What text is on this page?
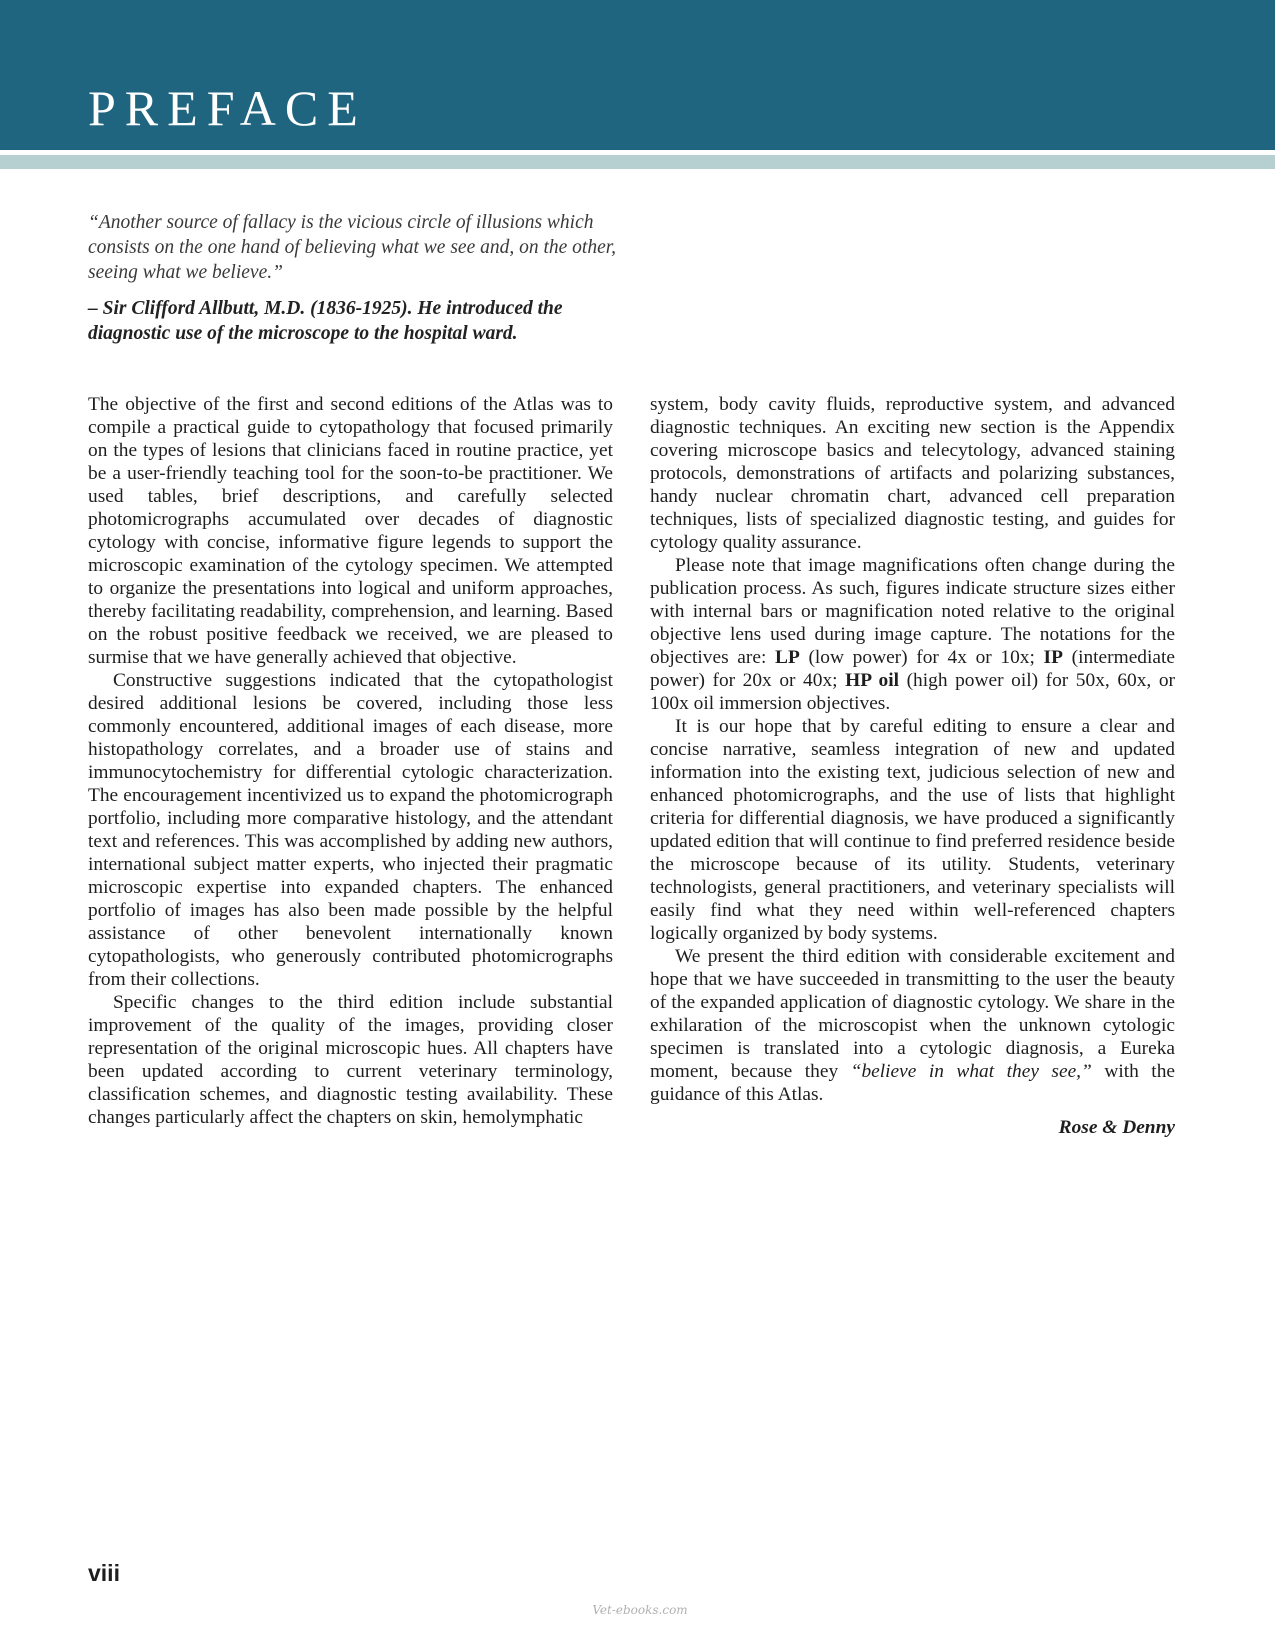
PREFACE

“Another source of fallacy is the vicious circle of illusions which consists on the one hand of believing what we see and, on the other, seeing what we believe.”

– Sir Clifford Allbutt, M.D. (1836-1925). He introduced the diagnostic use of the microscope to the hospital ward.

The objective of the first and second editions of the Atlas was to compile a practical guide to cytopathology that focused primarily on the types of lesions that clinicians faced in routine practice, yet be a user-friendly teaching tool for the soon-to-be practitioner. We used tables, brief descriptions, and carefully selected photomicrographs accumulated over decades of diagnostic cytology with concise, informative figure legends to support the microscopic examination of the cytology specimen. We attempted to organize the presentations into logical and uniform approaches, thereby facilitating readability, comprehension, and learning. Based on the robust positive feedback we received, we are pleased to surmise that we have generally achieved that objective.

Constructive suggestions indicated that the cytopathologist desired additional lesions be covered, including those less commonly encountered, additional images of each disease, more histopathology correlates, and a broader use of stains and immunocytochemistry for differential cytologic characterization. The encouragement incentivized us to expand the photomicrograph portfolio, including more comparative histology, and the attendant text and references. This was accomplished by adding new authors, international subject matter experts, who injected their pragmatic microscopic expertise into expanded chapters. The enhanced portfolio of images has also been made possible by the helpful assistance of other benevolent internationally known cytopathologists, who generously contributed photomicrographs from their collections.

Specific changes to the third edition include substantial improvement of the quality of the images, providing closer representation of the original microscopic hues. All chapters have been updated according to current veterinary terminology, classification schemes, and diagnostic testing availability. These changes particularly affect the chapters on skin, hemolymphatic

system, body cavity fluids, reproductive system, and advanced diagnostic techniques. An exciting new section is the Appendix covering microscope basics and telecytology, advanced staining protocols, demonstrations of artifacts and polarizing substances, handy nuclear chromatin chart, advanced cell preparation techniques, lists of specialized diagnostic testing, and guides for cytology quality assurance.

Please note that image magnifications often change during the publication process. As such, figures indicate structure sizes either with internal bars or magnification noted relative to the original objective lens used during image capture. The notations for the objectives are: LP (low power) for 4x or 10x; IP (intermediate power) for 20x or 40x; HP oil (high power oil) for 50x, 60x, or 100x oil immersion objectives.

It is our hope that by careful editing to ensure a clear and concise narrative, seamless integration of new and updated information into the existing text, judicious selection of new and enhanced photomicrographs, and the use of lists that highlight criteria for differential diagnosis, we have produced a significantly updated edition that will continue to find preferred residence beside the microscope because of its utility. Students, veterinary technologists, general practitioners, and veterinary specialists will easily find what they need within well-referenced chapters logically organized by body systems.

We present the third edition with considerable excitement and hope that we have succeeded in transmitting to the user the beauty of the expanded application of diagnostic cytology. We share in the exhilaration of the microscopist when the unknown cytologic specimen is translated into a cytologic diagnosis, a Eureka moment, because they “believe in what they see,” with the guidance of this Atlas.

Rose & Denny

viii

Vet-ebooks.com
